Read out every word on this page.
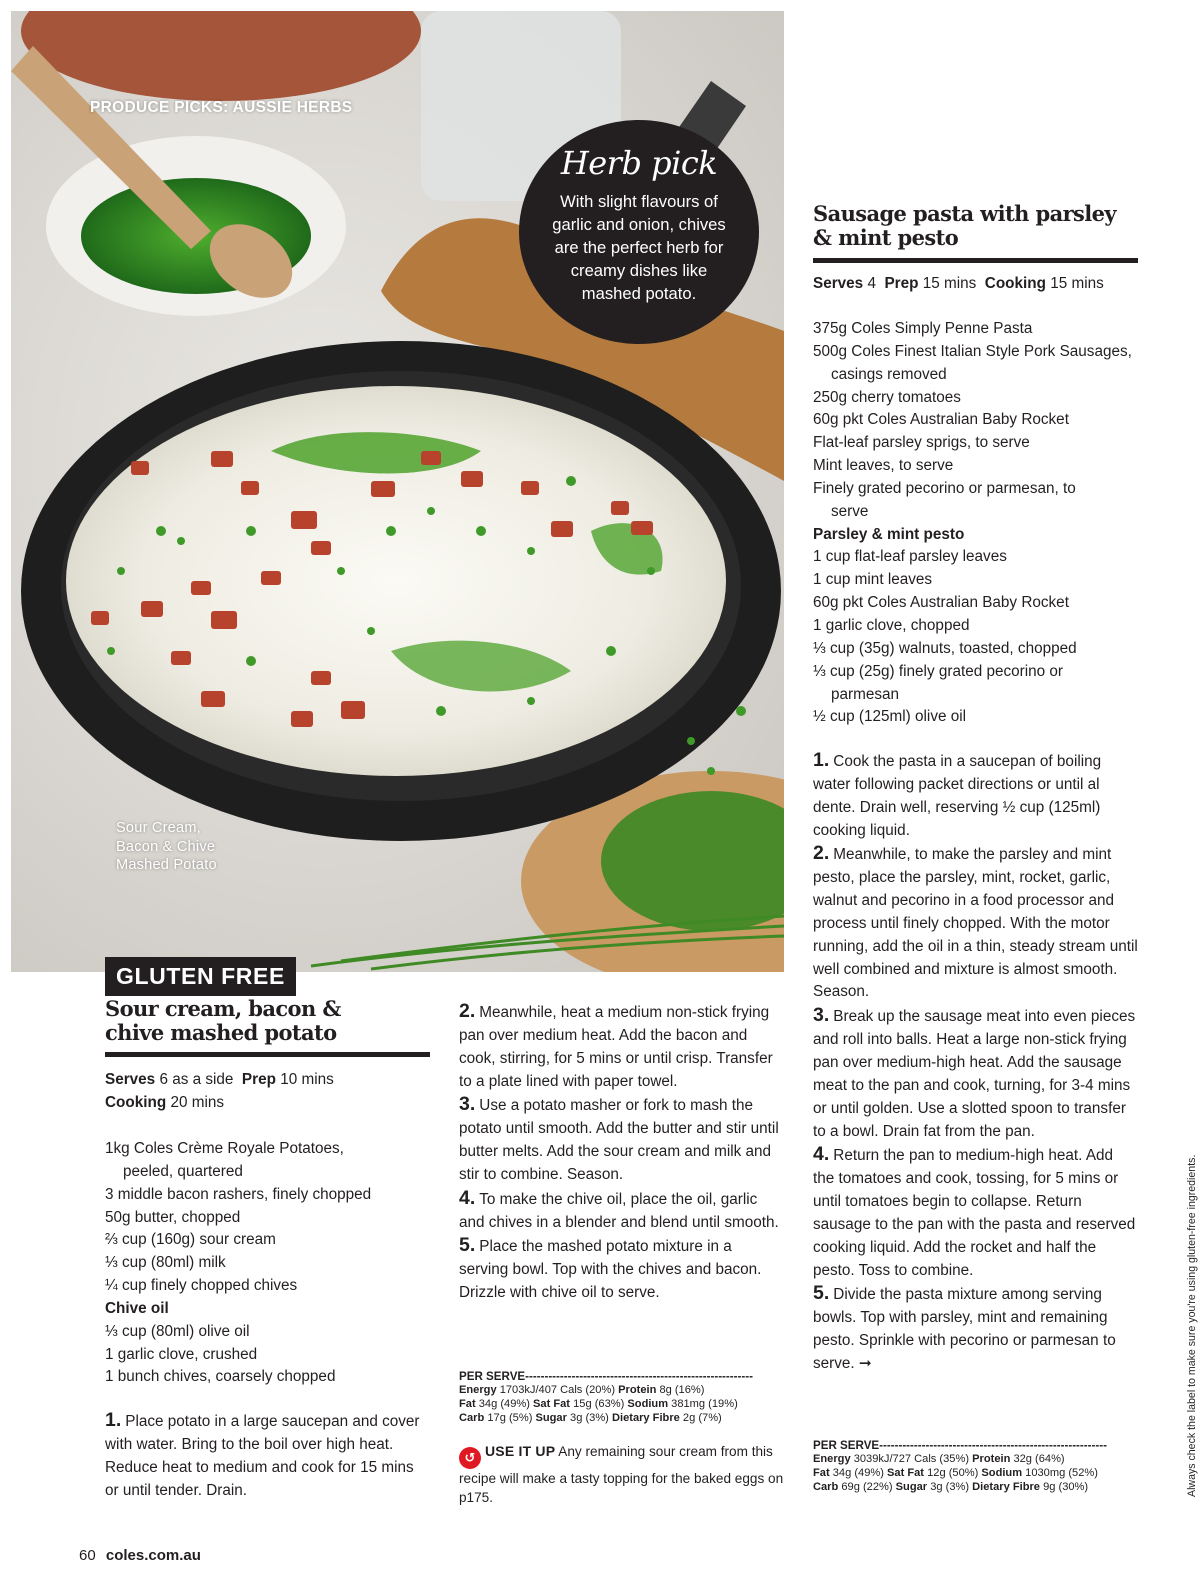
PRODUCE PICKS: AUSSIE HERBS
Herb pick
With slight flavours of garlic and onion, chives are the perfect herb for creamy dishes like mashed potato.
Sour Cream,
Bacon & Chive
Mashed Potato
GLUTEN FREE
Sour cream, bacon &
chive mashed potato
Serves 6 as a side Prep 10 mins
Cooking 20 mins
1kg Coles Crème Royale Potatoes, peeled, quartered
3 middle bacon rashers, finely chopped
50g butter, chopped
⅔ cup (160g) sour cream
⅓ cup (80ml) milk
¼ cup finely chopped chives
Chive oil
⅓ cup (80ml) olive oil
1 garlic clove, crushed
1 bunch chives, coarsely chopped
1. Place potato in a large saucepan and cover with water. Bring to the boil over high heat. Reduce heat to medium and cook for 15 mins or until tender. Drain.
2. Meanwhile, heat a medium non-stick frying pan over medium heat. Add the bacon and cook, stirring, for 5 mins or until crisp. Transfer to a plate lined with paper towel.
3. Use a potato masher or fork to mash the potato until smooth. Add the butter and stir until butter melts. Add the sour cream and milk and stir to combine. Season.
4. To make the chive oil, place the oil, garlic and chives in a blender and blend until smooth.
5. Place the mashed potato mixture in a serving bowl. Top with the chives and bacon. Drizzle with chive oil to serve.
PER SERVE-----------------------------------------------------------
Energy 1703kJ/407 Cals (20%) Protein 8g (16%)
Fat 34g (49%) Sat Fat 15g (63%) Sodium 381mg (19%)
Carb 17g (5%) Sugar 3g (3%) Dietary Fibre 2g (7%)
↺ USE IT UP Any remaining sour cream from this recipe will make a tasty topping for the baked eggs on p175.
Sausage pasta with parsley
& mint pesto
Serves 4 Prep 15 mins Cooking 15 mins
375g Coles Simply Penne Pasta
500g Coles Finest Italian Style Pork Sausages, casings removed
250g cherry tomatoes
60g pkt Coles Australian Baby Rocket
Flat-leaf parsley sprigs, to serve
Mint leaves, to serve
Finely grated pecorino or parmesan, to serve
Parsley & mint pesto
1 cup flat-leaf parsley leaves
1 cup mint leaves
60g pkt Coles Australian Baby Rocket
1 garlic clove, chopped
⅓ cup (35g) walnuts, toasted, chopped
⅓ cup (25g) finely grated pecorino or parmesan
½ cup (125ml) olive oil
1. Cook the pasta in a saucepan of boiling water following packet directions or until al dente. Drain well, reserving ½ cup (125ml) cooking liquid.
2. Meanwhile, to make the parsley and mint pesto, place the parsley, mint, rocket, garlic, walnut and pecorino in a food processor and process until finely chopped. With the motor running, add the oil in a thin, steady stream until well combined and mixture is almost smooth. Season.
3. Break up the sausage meat into even pieces and roll into balls. Heat a large non-stick frying pan over medium-high heat. Add the sausage meat to the pan and cook, turning, for 3-4 mins or until golden. Use a slotted spoon to transfer to a bowl. Drain fat from the pan.
4. Return the pan to medium-high heat. Add the tomatoes and cook, tossing, for 5 mins or until tomatoes begin to collapse. Return sausage to the pan with the pasta and reserved cooking liquid. Add the rocket and half the pesto. Toss to combine.
5. Divide the pasta mixture among serving bowls. Top with parsley, mint and remaining pesto. Sprinkle with pecorino or parmesan to serve. ➞
PER SERVE-----------------------------------------------------------
Energy 3039kJ/727 Cals (35%) Protein 32g (64%)
Fat 34g (49%) Sat Fat 12g (50%) Sodium 1030mg (52%)
Carb 69g (22%) Sugar 3g (3%) Dietary Fibre 9g (30%)	Always check the label to make sure you're using gluten-free ingredients.
60 coles.com.au
